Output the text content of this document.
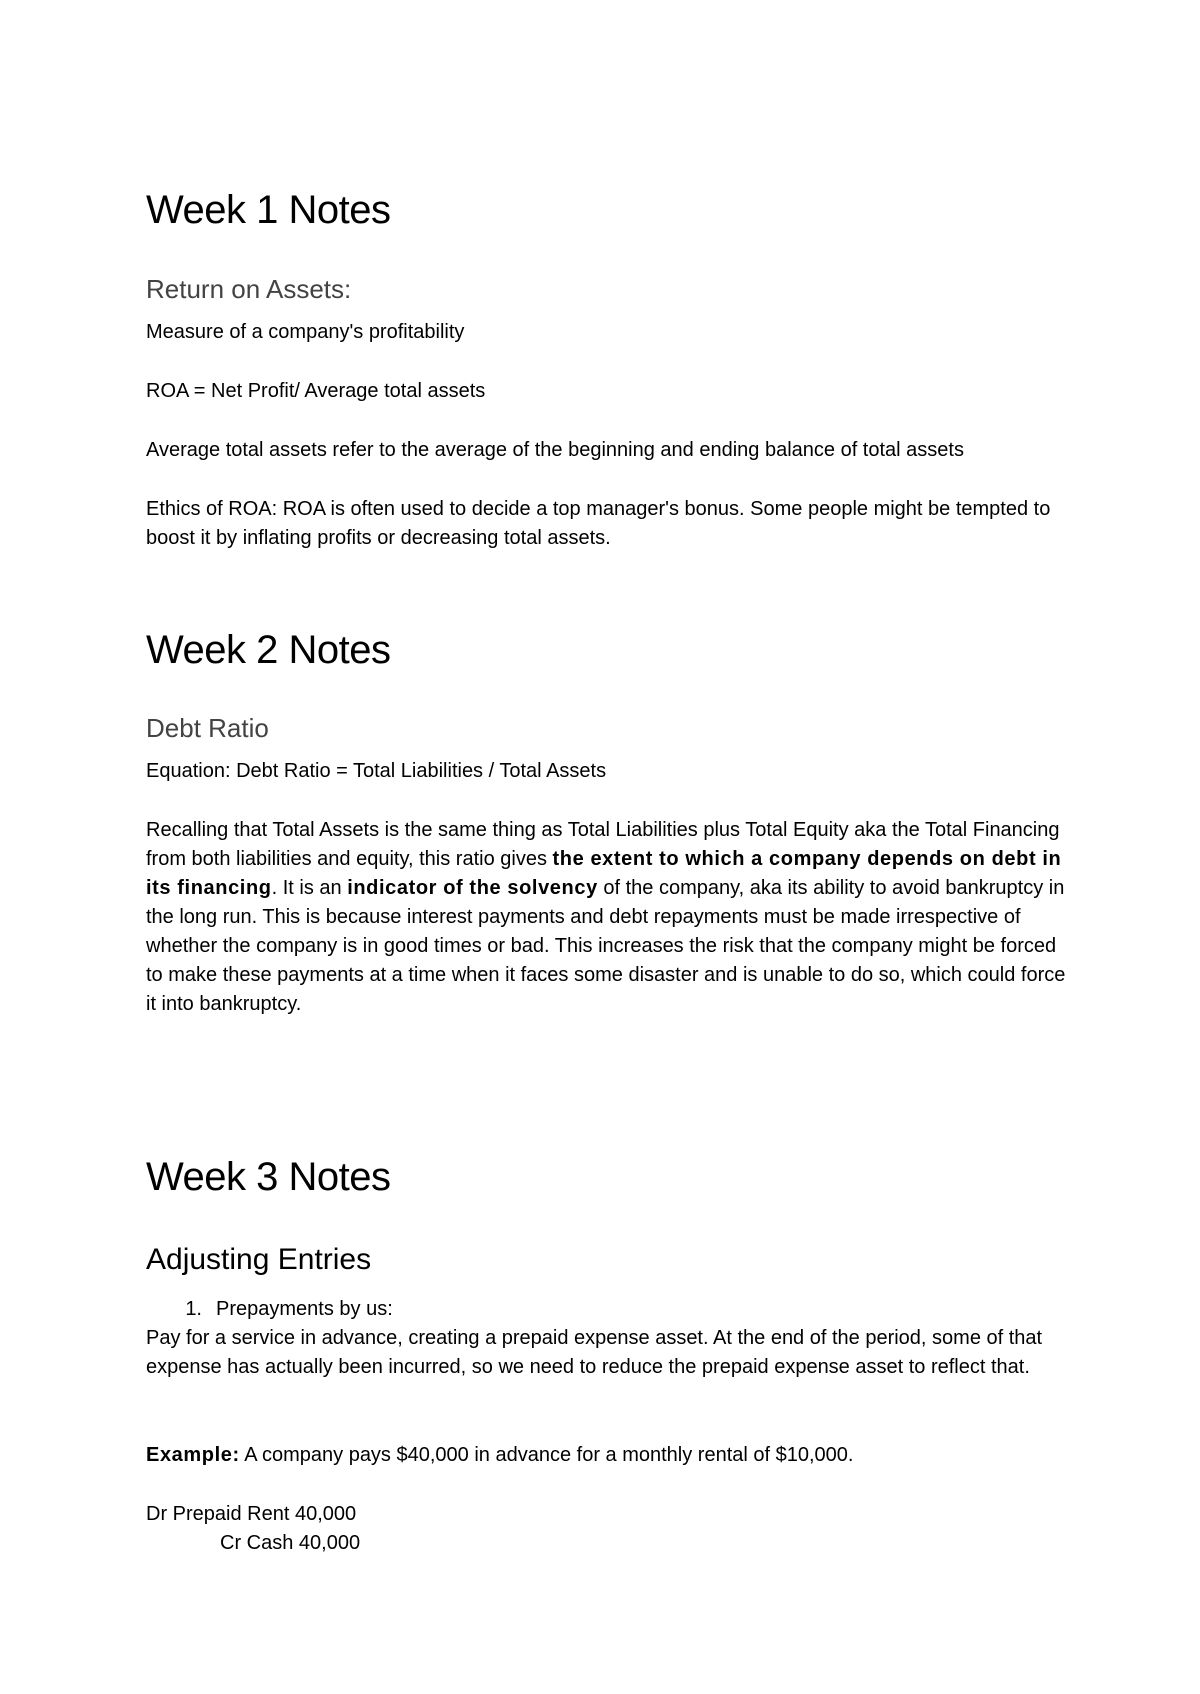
Week 1 Notes
Return on Assets:
Measure of a company's profitability
ROA = Net Profit/ Average total assets
Average total assets refer to the average of the beginning and ending balance of total assets
Ethics of ROA: ROA is often used to decide a top manager's bonus. Some people might be tempted to boost it by inflating profits or decreasing total assets.
Week 2 Notes
Debt Ratio
Equation: Debt Ratio = Total Liabilities / Total Assets
Recalling that Total Assets is the same thing as Total Liabilities plus Total Equity aka the Total Financing from both liabilities and equity, this ratio gives the extent to which a company depends on debt in its financing. It is an indicator of the solvency of the company, aka its ability to avoid bankruptcy in the long run. This is because interest payments and debt repayments must be made irrespective of whether the company is in good times or bad. This increases the risk that the company might be forced to make these payments at a time when it faces some disaster and is unable to do so, which could force it into bankruptcy.
Week 3 Notes
Adjusting Entries
1. Prepayments by us:
Pay for a service in advance, creating a prepaid expense asset. At the end of the period, some of that expense has actually been incurred, so we need to reduce the prepaid expense asset to reflect that.
Example: A company pays $40,000 in advance for a monthly rental of $10,000.
Dr Prepaid Rent 40,000
Cr Cash 40,000
